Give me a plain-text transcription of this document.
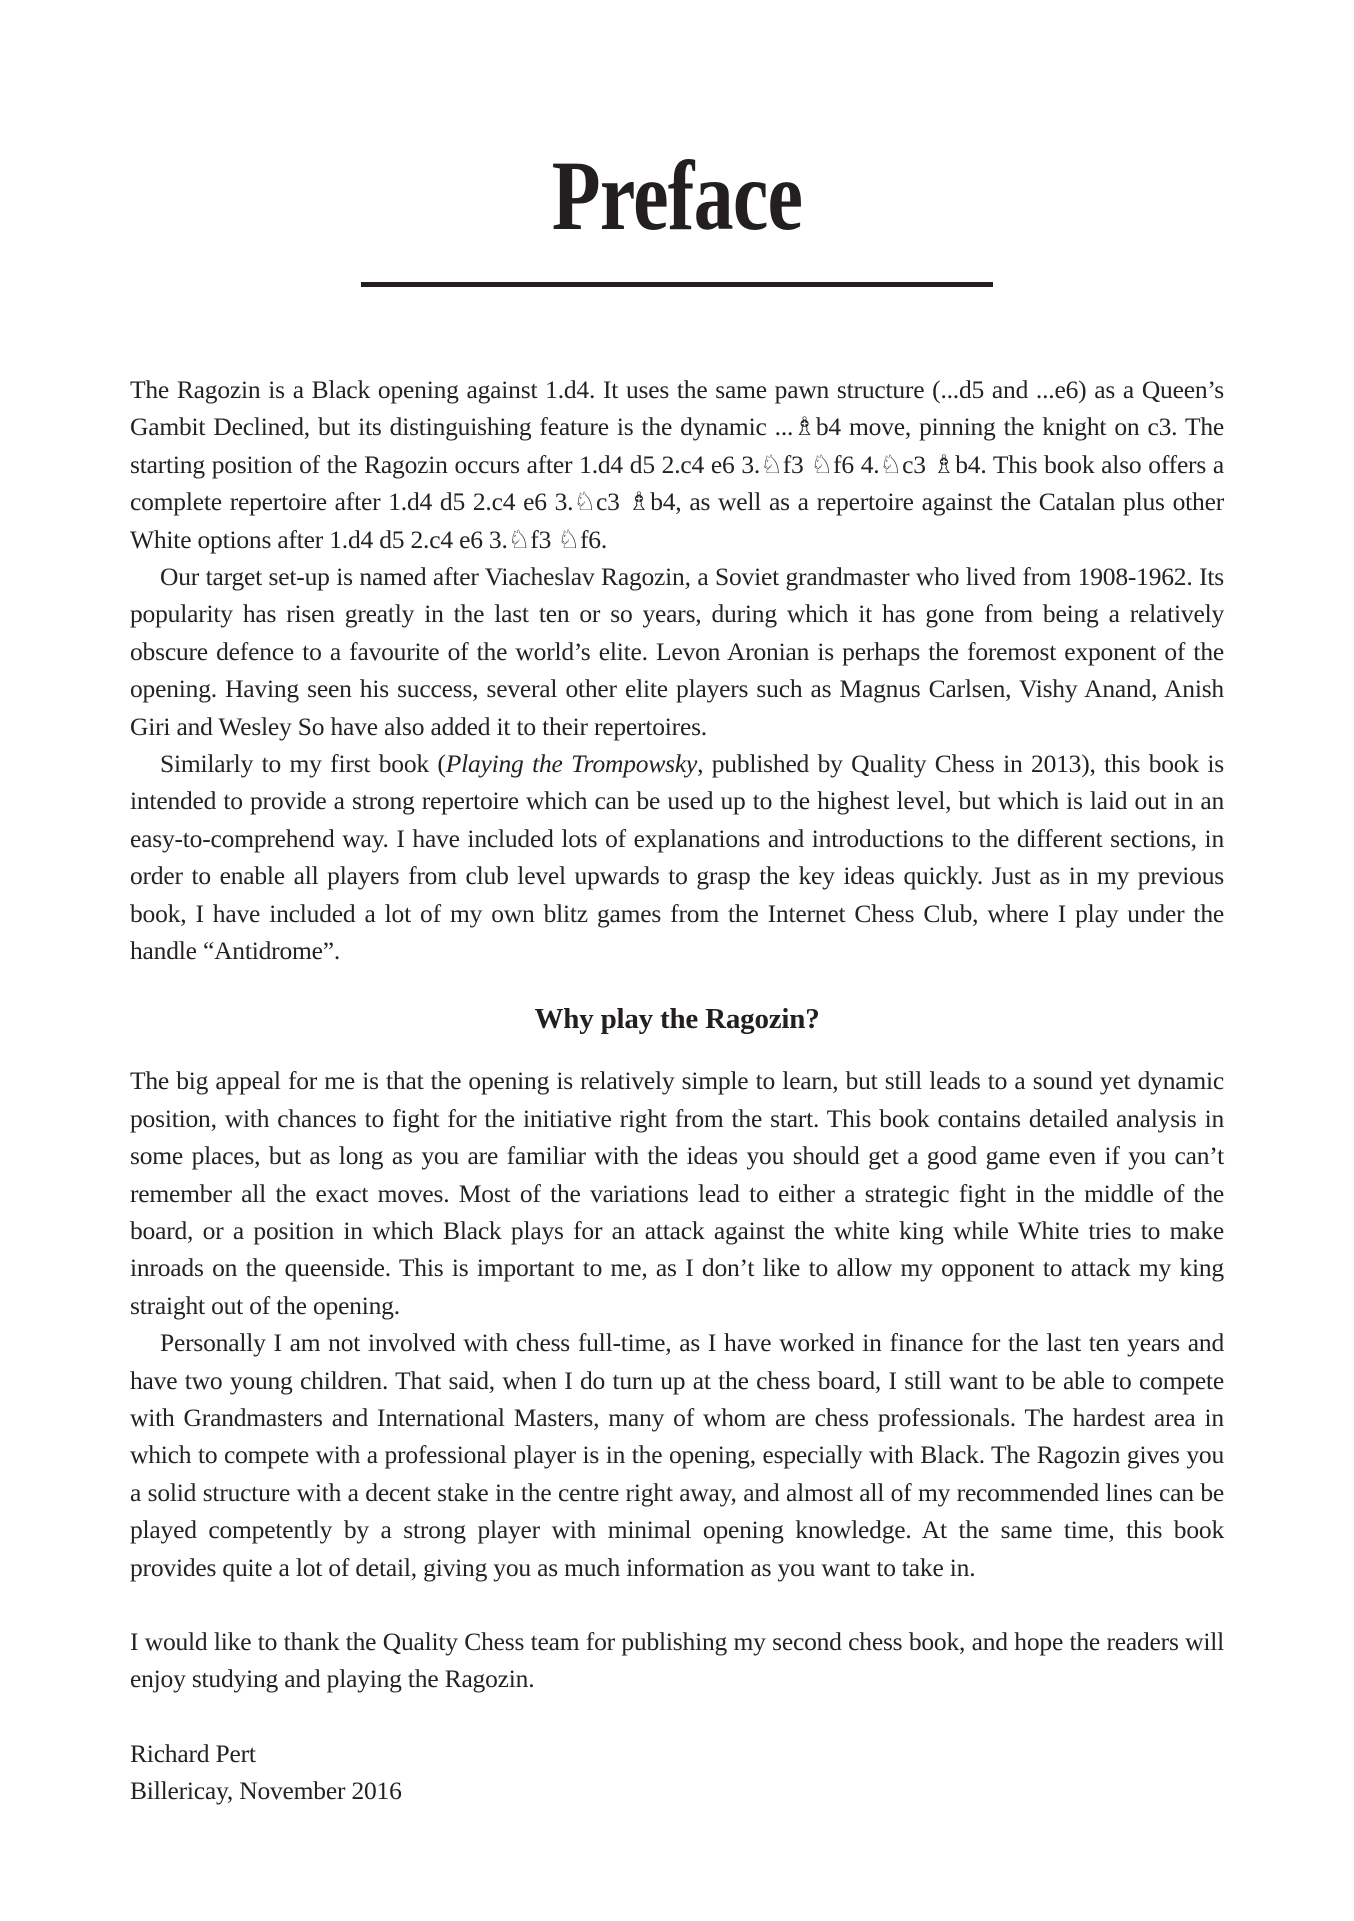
Preface

The Ragozin is a Black opening against 1.d4. It uses the same pawn structure (...d5 and ...e6) as a Queen’s Gambit Declined, but its distinguishing feature is the dynamic ...♗b4 move, pinning the knight on c3. The starting position of the Ragozin occurs after 1.d4 d5 2.c4 e6 3.♘f3 ♘f6 4.♘c3 ♗b4. This book also offers a complete repertoire after 1.d4 d5 2.c4 e6 3.♘c3 ♗b4, as well as a repertoire against the Catalan plus other White options after 1.d4 d5 2.c4 e6 3.♘f3 ♘f6.

Our target set-up is named after Viacheslav Ragozin, a Soviet grandmaster who lived from 1908-1962. Its popularity has risen greatly in the last ten or so years, during which it has gone from being a relatively obscure defence to a favourite of the world’s elite. Levon Aronian is perhaps the foremost exponent of the opening. Having seen his success, several other elite players such as Magnus Carlsen, Vishy Anand, Anish Giri and Wesley So have also added it to their repertoires.

Similarly to my first book (Playing the Trompowsky, published by Quality Chess in 2013), this book is intended to provide a strong repertoire which can be used up to the highest level, but which is laid out in an easy-to-comprehend way. I have included lots of explanations and introductions to the different sections, in order to enable all players from club level upwards to grasp the key ideas quickly. Just as in my previous book, I have included a lot of my own blitz games from the Internet Chess Club, where I play under the handle “Antidrome”.

Why play the Ragozin?

The big appeal for me is that the opening is relatively simple to learn, but still leads to a sound yet dynamic position, with chances to fight for the initiative right from the start. This book contains detailed analysis in some places, but as long as you are familiar with the ideas you should get a good game even if you can’t remember all the exact moves. Most of the variations lead to either a strategic fight in the middle of the board, or a position in which Black plays for an attack against the white king while White tries to make inroads on the queenside. This is important to me, as I don’t like to allow my opponent to attack my king straight out of the opening.

Personally I am not involved with chess full-time, as I have worked in finance for the last ten years and have two young children. That said, when I do turn up at the chess board, I still want to be able to compete with Grandmasters and International Masters, many of whom are chess professionals. The hardest area in which to compete with a professional player is in the opening, especially with Black. The Ragozin gives you a solid structure with a decent stake in the centre right away, and almost all of my recommended lines can be played competently by a strong player with minimal opening knowledge. At the same time, this book provides quite a lot of detail, giving you as much information as you want to take in.

I would like to thank the Quality Chess team for publishing my second chess book, and hope the readers will enjoy studying and playing the Ragozin.

Richard Pert
Billericay, November 2016
